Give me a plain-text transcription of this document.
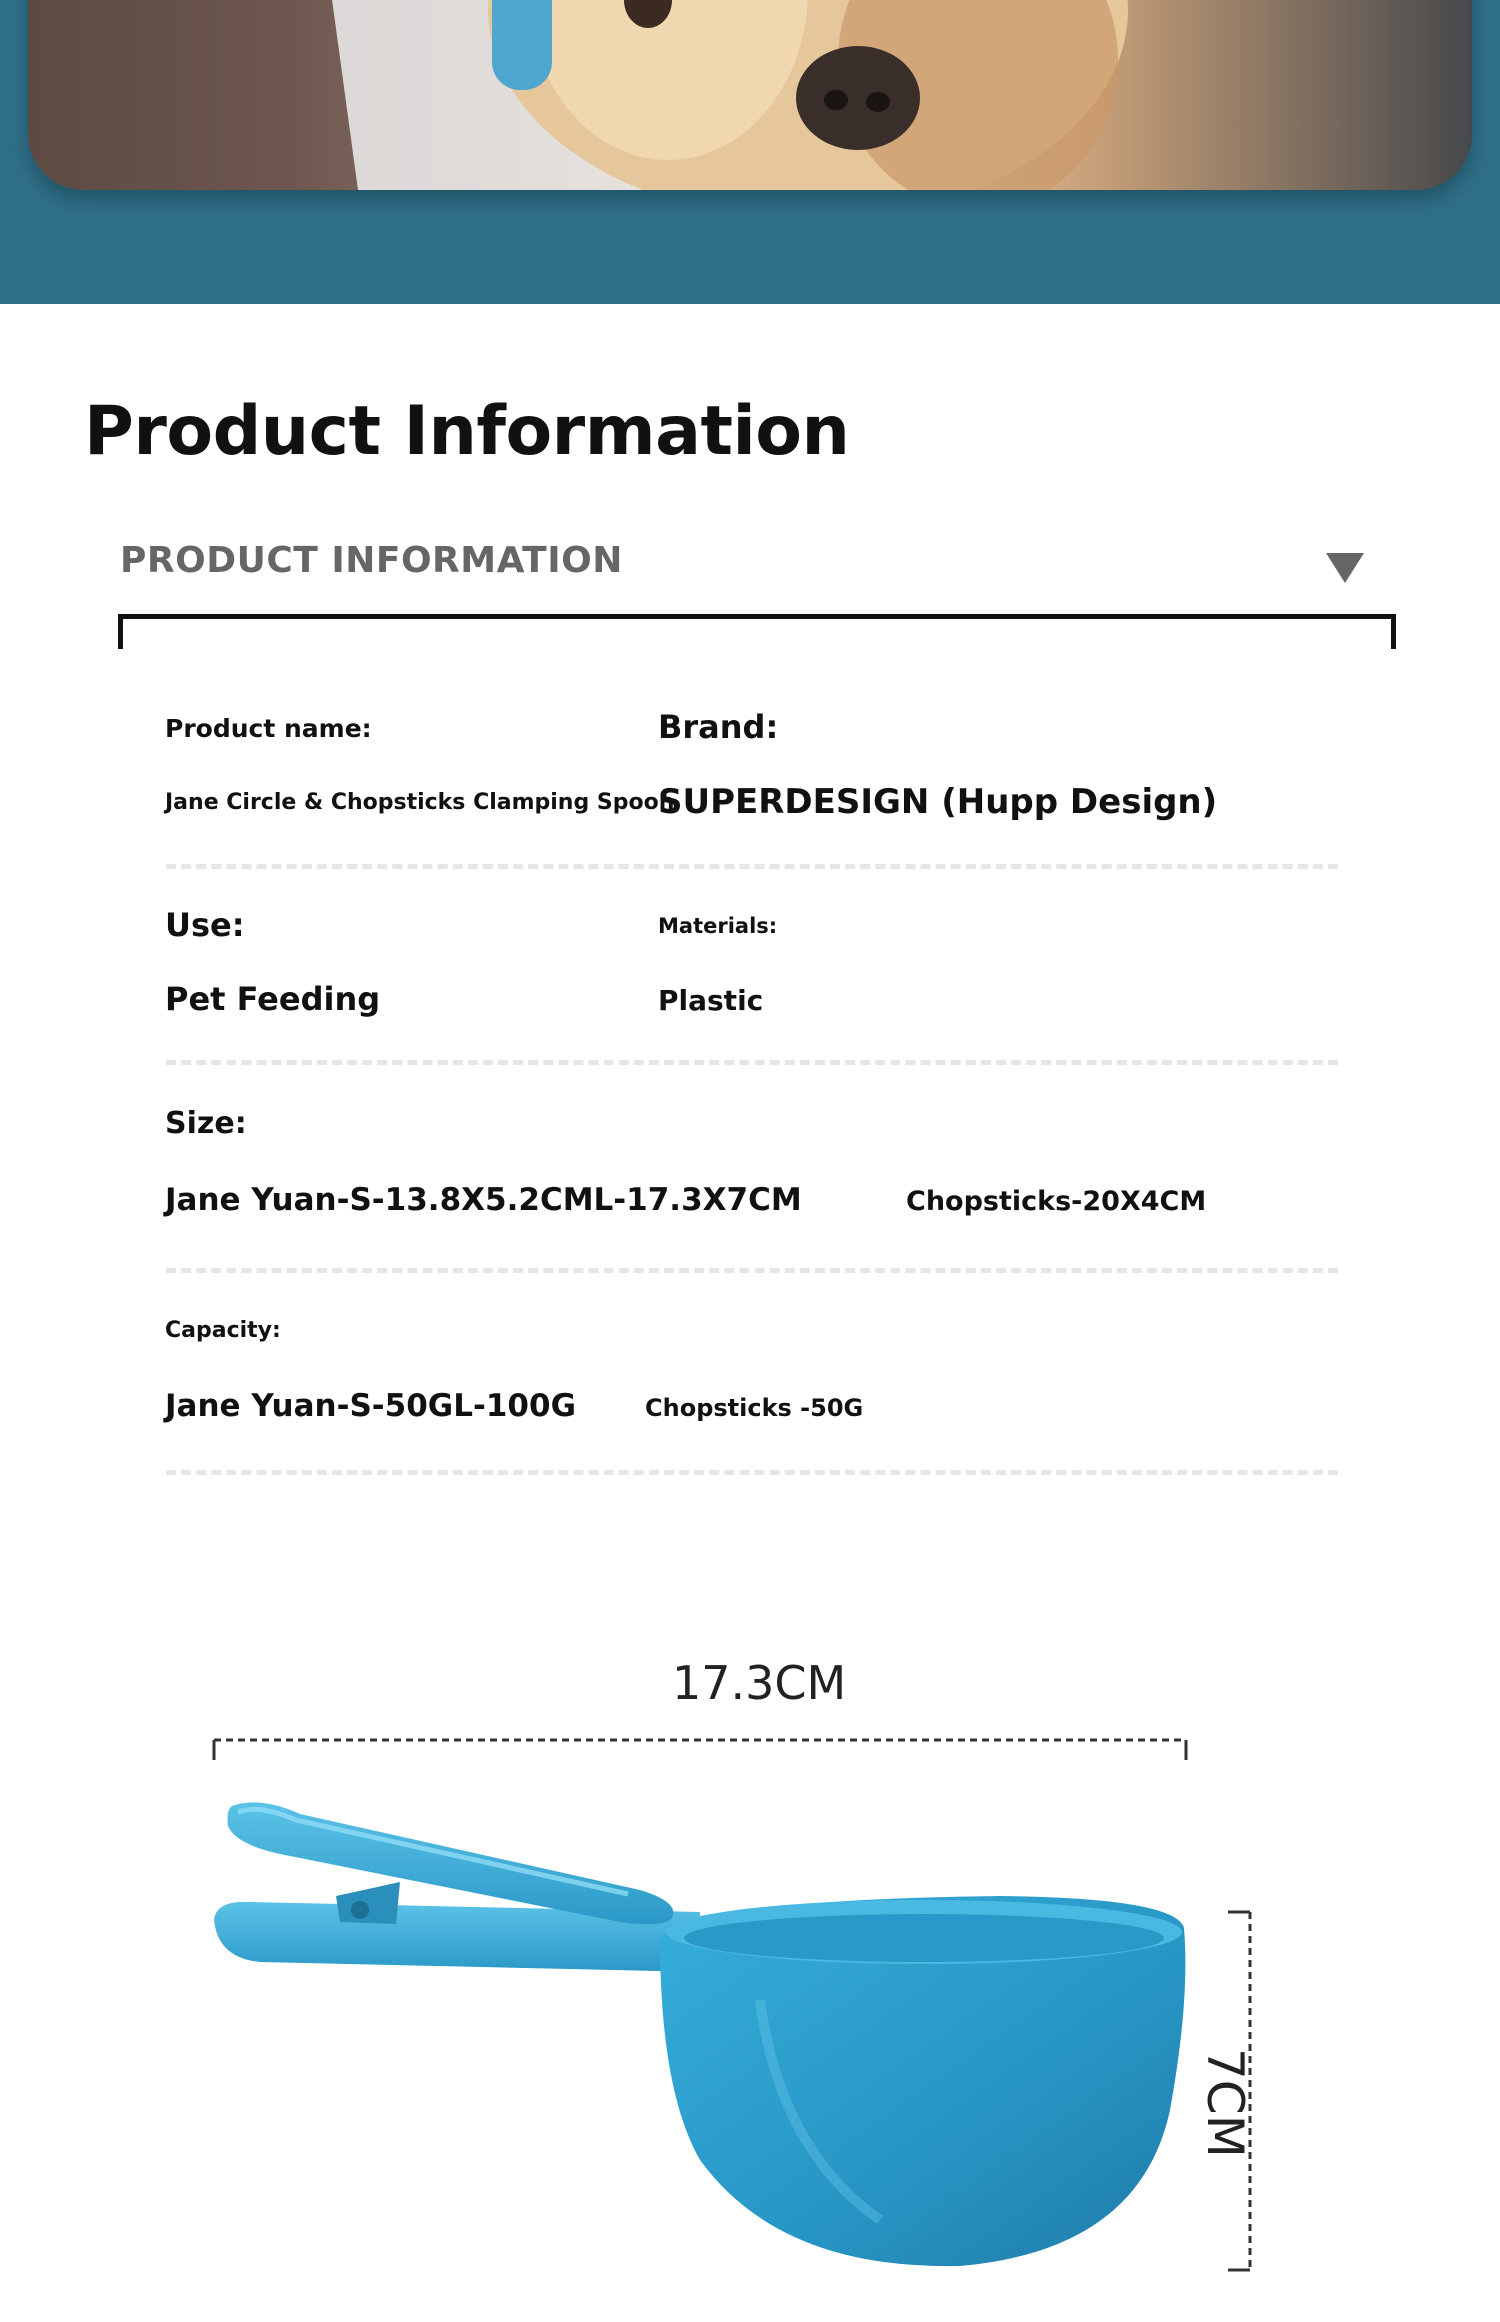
Product Information
PRODUCT INFORMATION
Product name:
Jane Circle & Chopsticks Clamping Spoon
Brand:
SUPERDESIGN (Hupp Design)
Use:
Pet Feeding
Materials:
Plastic
Size:
Jane Yuan-S-13.8X5.2CML-17.3X7CM	Chopsticks-20X4CM
Capacity:
Jane Yuan-S-50GL-100G	Chopsticks -50G
17.3CM
7CM
